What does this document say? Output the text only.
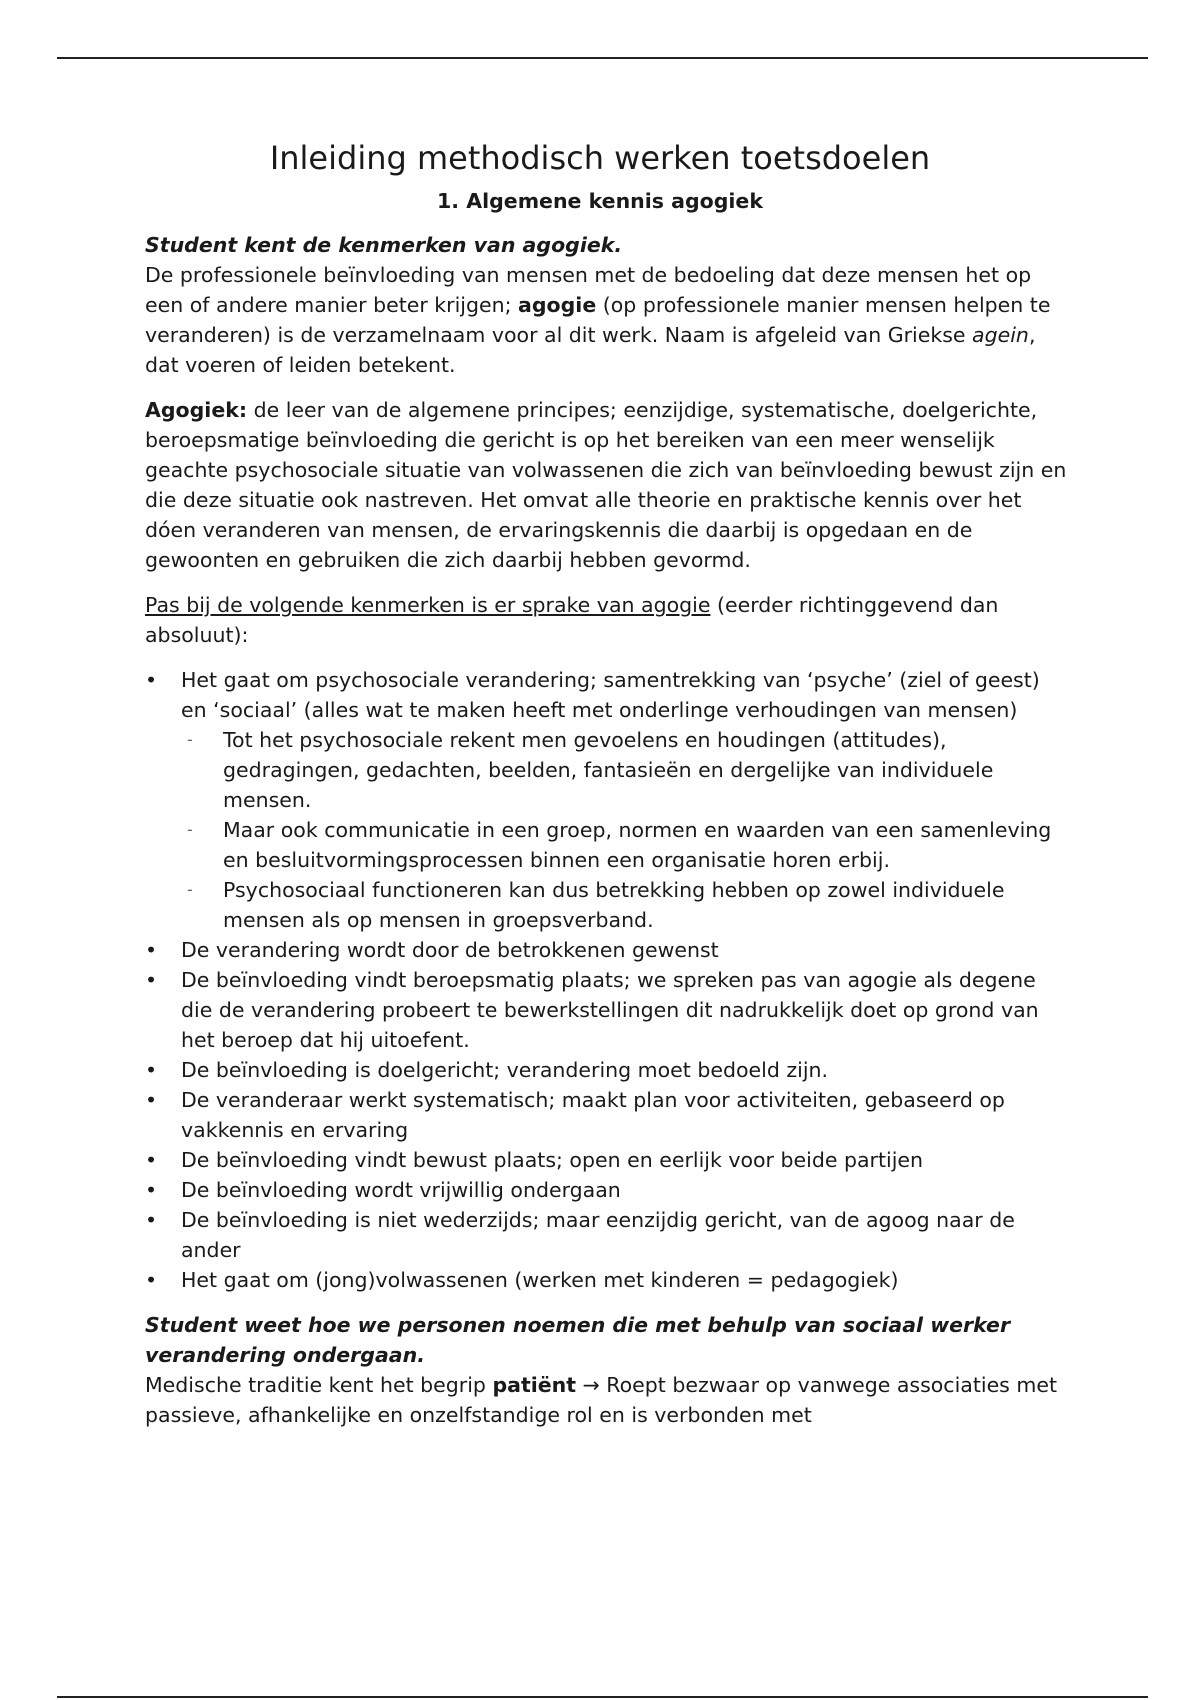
Inleiding methodisch werken toetsdoelen
1. Algemene kennis agogiek
Student kent de kenmerken van agogiek.

De professionele beïnvloeding van mensen met de bedoeling dat deze mensen het op een of andere manier beter krijgen; agogie (op professionele manier mensen helpen te veranderen) is de verzamelnaam voor al dit werk. Naam is afgeleid van Griekse agein, dat voeren of leiden betekent.

Agogiek: de leer van de algemene principes; eenzijdige, systematische, doelgerichte, beroepsmatige beïnvloeding die gericht is op het bereiken van een meer wenselijk geachte psychosociale situatie van volwassenen die zich van beïnvloeding bewust zijn en die deze situatie ook nastreven. Het omvat alle theorie en praktische kennis over het dóen veranderen van mensen, de ervaringskennis die daarbij is opgedaan en de gewoonten en gebruiken die zich daarbij hebben gevormd.

Pas bij de volgende kenmerken is er sprake van agogie (eerder richtinggevend dan absoluut):

• Het gaat om psychosociale verandering; samentrekking van ‘psyche’ (ziel of geest) en ‘sociaal’ (alles wat te maken heeft met onderlinge verhoudingen van mensen)
- Tot het psychosociale rekent men gevoelens en houdingen (attitudes), gedragingen, gedachten, beelden, fantasieën en dergelijke van individuele mensen.
- Maar ook communicatie in een groep, normen en waarden van een samenleving en besluitvormingsprocessen binnen een organisatie horen erbij.
- Psychosociaal functioneren kan dus betrekking hebben op zowel individuele mensen als op mensen in groepsverband.
• De verandering wordt door de betrokkenen gewenst
• De beïnvloeding vindt beroepsmatig plaats; we spreken pas van agogie als degene die de verandering probeert te bewerkstellingen dit nadrukkelijk doet op grond van het beroep dat hij uitoefent.
• De beïnvloeding is doelgericht; verandering moet bedoeld zijn.
• De veranderaar werkt systematisch; maakt plan voor activiteiten, gebaseerd op vakkennis en ervaring
• De beïnvloeding vindt bewust plaats; open en eerlijk voor beide partijen
• De beïnvloeding wordt vrijwillig ondergaan
• De beïnvloeding is niet wederzijds; maar eenzijdig gericht, van de agoog naar de ander
• Het gaat om (jong)volwassenen (werken met kinderen = pedagogiek)
Student weet hoe we personen noemen die met behulp van sociaal werker verandering ondergaan.

Medische traditie kent het begrip patiënt → Roept bezwaar op vanwege associaties met passieve, afhankelijke en onzelfstandige rol en is verbonden met
